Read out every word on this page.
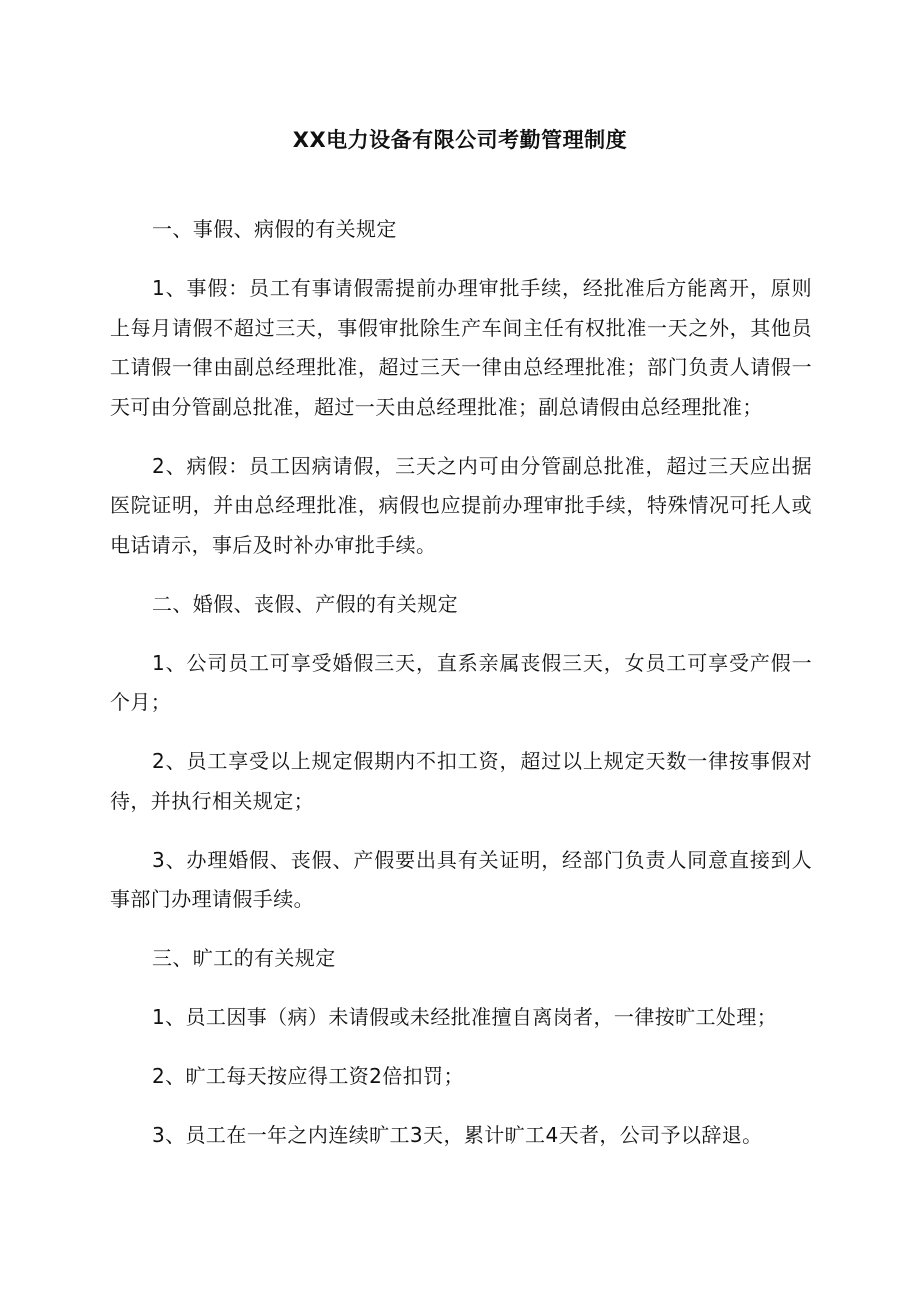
XX电力设备有限公司考勤管理制度

一、事假、病假的有关规定

1、事假：员工有事请假需提前办理审批手续，经批准后方能离开，原则上每月请假不超过三天，事假审批除生产车间主任有权批准一天之外，其他员工请假一律由副总经理批准，超过三天一律由总经理批准；部门负责人请假一天可由分管副总批准，超过一天由总经理批准；副总请假由总经理批准；

2、病假：员工因病请假，三天之内可由分管副总批准，超过三天应出据医院证明，并由总经理批准，病假也应提前办理审批手续，特殊情况可托人或电话请示，事后及时补办审批手续。

二、婚假、丧假、产假的有关规定

1、公司员工可享受婚假三天，直系亲属丧假三天，女员工可享受产假一个月；

2、员工享受以上规定假期内不扣工资，超过以上规定天数一律按事假对待，并执行相关规定；

3、办理婚假、丧假、产假要出具有关证明，经部门负责人同意直接到人事部门办理请假手续。

三、旷工的有关规定

1、员工因事（病）未请假或未经批准擅自离岗者，一律按旷工处理；

2、旷工每天按应得工资2倍扣罚；

3、员工在一年之内连续旷工3天，累计旷工4天者，公司予以辞退。
